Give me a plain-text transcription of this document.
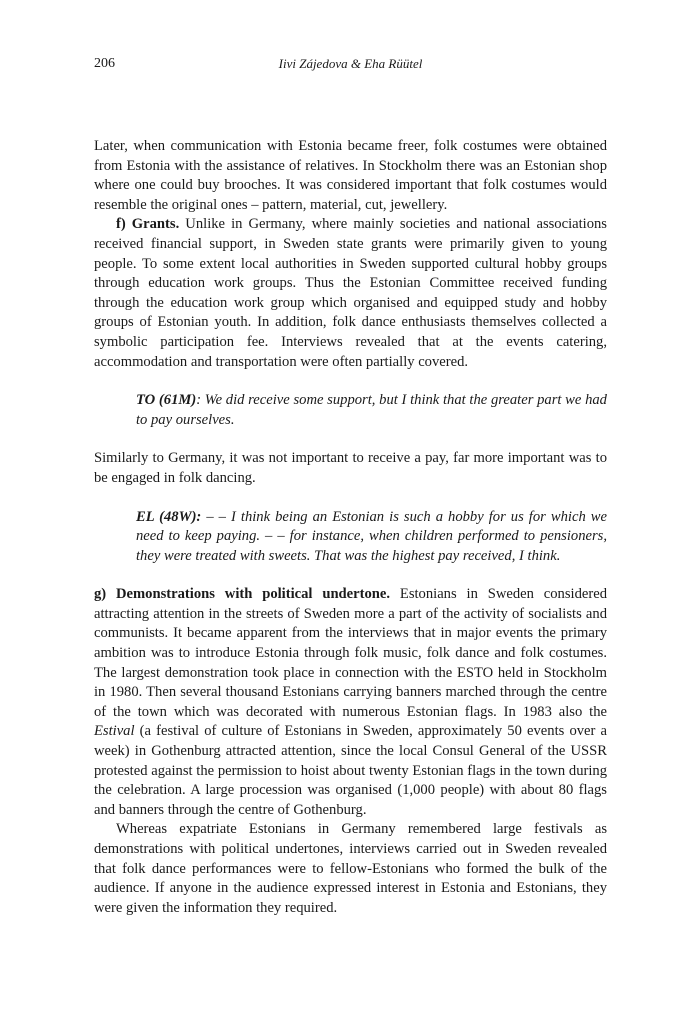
206	Iivi Zájedova & Eha Rüütel

Later, when communication with Estonia became freer, folk costumes were obtained from Estonia with the assistance of relatives. In Stockholm there was an Estonian shop where one could buy brooches. It was considered important that folk costumes would resemble the original ones – pattern, material, cut, jewellery.

f) Grants. Unlike in Germany, where mainly societies and national associations received financial support, in Sweden state grants were primarily given to young people. To some extent local authorities in Sweden supported cultural hobby groups through education work groups. Thus the Estonian Committee received funding through the education work group which organised and equipped study and hobby groups of Estonian youth. In addition, folk dance enthusiasts themselves collected a symbolic participation fee. Interviews revealed that at the events catering, accommodation and transportation were often partially covered.

TO (61M): We did receive some support, but I think that the greater part we had to pay ourselves.

Similarly to Germany, it was not important to receive a pay, far more important was to be engaged in folk dancing.

EL (48W): – – I think being an Estonian is such a hobby for us for which we need to keep paying. – – for instance, when children performed to pensioners, they were treated with sweets. That was the highest pay received, I think.

g) Demonstrations with political undertone. Estonians in Sweden considered attracting attention in the streets of Sweden more a part of the activity of socialists and communists. It became apparent from the interviews that in major events the primary ambition was to introduce Estonia through folk music, folk dance and folk costumes. The largest demonstration took place in connection with the ESTO held in Stockholm in 1980. Then several thousand Estonians carrying banners marched through the centre of the town which was decorated with numerous Estonian flags. In 1983 also the Estival (a festival of culture of Estonians in Sweden, approximately 50 events over a week) in Gothenburg attracted attention, since the local Consul General of the USSR protested against the permission to hoist about twenty Estonian flags in the town during the celebration. A large procession was organised (1,000 people) with about 80 flags and banners through the centre of Gothenburg.

Whereas expatriate Estonians in Germany remembered large festivals as demonstrations with political undertones, interviews carried out in Sweden revealed that folk dance performances were to fellow-Estonians who formed the bulk of the audience. If anyone in the audience expressed interest in Estonia and Estonians, they were given the information they required.
